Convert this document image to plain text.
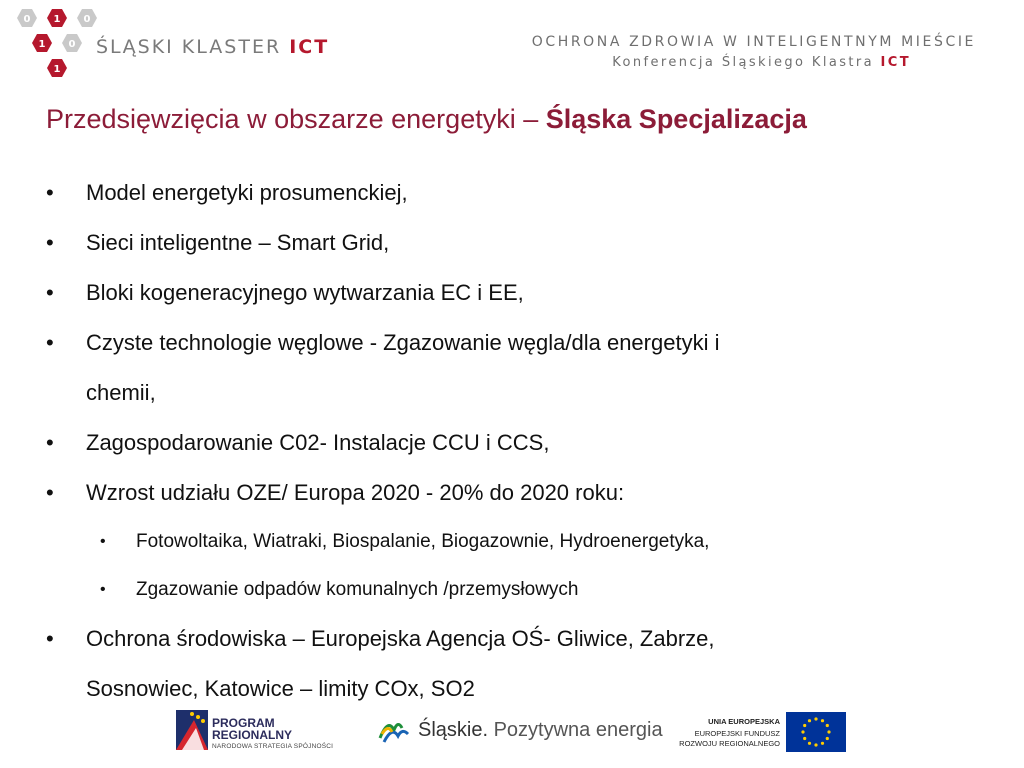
0 1 0
1 0
1
ŚLĄSKI KLASTER ICT	OCHRONA ZDROWIA W INTELIGENTNYM MIEŚCIE
Konferencja Śląskiego Klastra ICT
Przedsięwzięcia w obszarze energetyki – Śląska Specjalizacja
• Model energetyki prosumenckiej,
• Sieci inteligentne – Smart Grid,
• Bloki kogeneracyjnego wytwarzania EC i EE,
• Czyste technologie węglowe - Zgazowanie węgla/dla energetyki i
chemii,
• Zagospodarowanie C02- Instalacje CCU i CCS,
• Wzrost udziału OZE/ Europa 2020 - 20% do 2020 roku:
• Fotowoltaika, Wiatraki, Biospalanie, Biogazownie, Hydroenergetyka,
• Zgazowanie odpadów komunalnych /przemysłowych
• Ochrona środowiska – Europejska Agencja OŚ- Gliwice, Zabrze,
Sosnowiec, Katowice – limity COx, SO2
PROGRAM
REGIONALNY
NARODOWA STRATEGIA SPÓJNOŚCI
Śląskie. Pozytywna energia	UNIA EUROPEJSKA
EUROPEJSKI FUNDUSZ
ROZWOJU REGIONALNEGO
